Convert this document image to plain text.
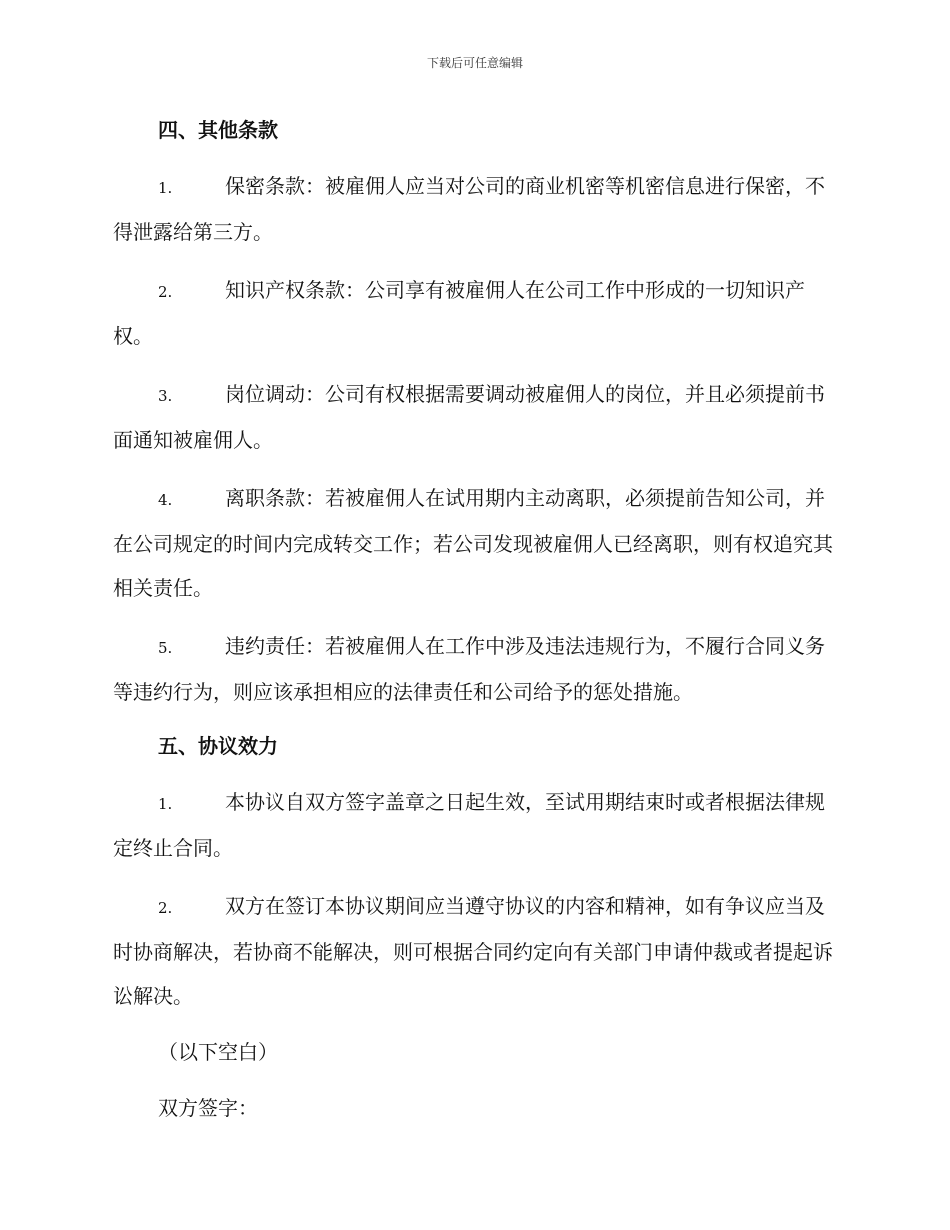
下载后可任意编辑
四、其他条款
1.	保密条款：被雇佣人应当对公司的商业机密等机密信息进行保密，不得泄露给第三方。
2.	知识产权条款：公司享有被雇佣人在公司工作中形成的一切知识产权。
3.	岗位调动：公司有权根据需要调动被雇佣人的岗位，并且必须提前书面通知被雇佣人。
4.	离职条款：若被雇佣人在试用期内主动离职，必须提前告知公司，并在公司规定的时间内完成转交工作；若公司发现被雇佣人已经离职，则有权追究其相关责任。
5.	违约责任：若被雇佣人在工作中涉及违法违规行为，不履行合同义务等违约行为，则应该承担相应的法律责任和公司给予的惩处措施。
五、协议效力
1.	本协议自双方签字盖章之日起生效，至试用期结束时或者根据法律规定终止合同。
2.	双方在签订本协议期间应当遵守协议的内容和精神，如有争议应当及时协商解决，若协商不能解决，则可根据合同约定向有关部门申请仲裁或者提起诉讼解决。
（以下空白）
双方签字：
